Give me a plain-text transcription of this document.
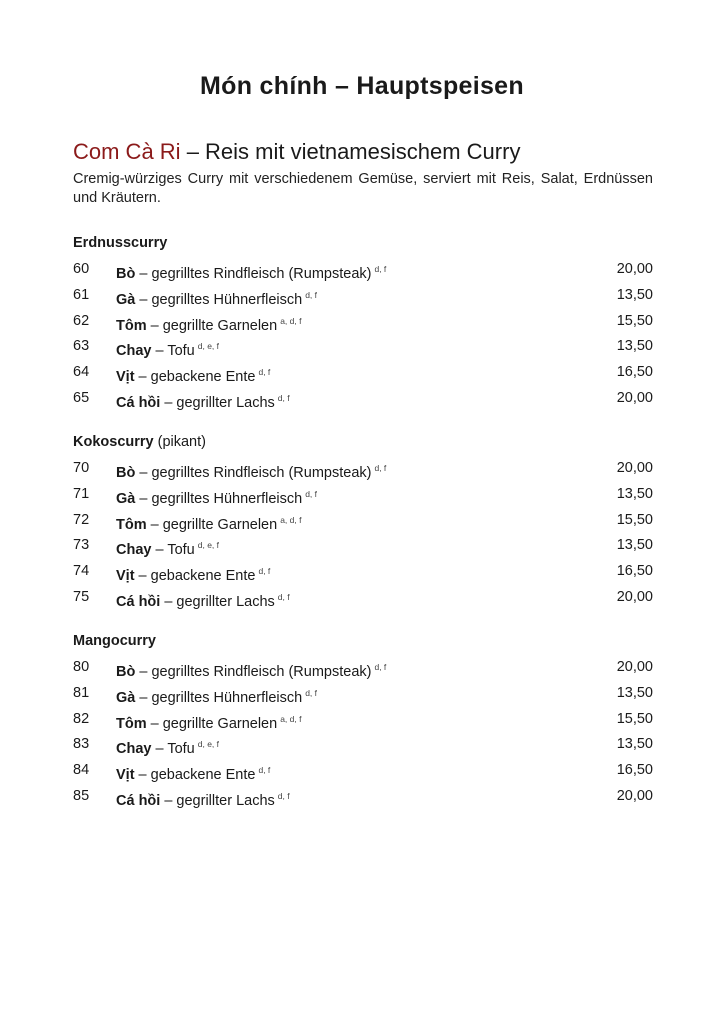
Món chính – Hauptspeisen
Com Cà Ri – Reis mit vietnamesischem Curry
Cremig-würziges Curry mit verschiedenem Gemüse, serviert mit Reis, Salat, Erdnüssen und Kräutern.
Erdnusscurry
60 Bò – gegrilltes Rindfleisch (Rumpsteak) $^{d, f}$	20,00
61 Gà – gegrilltes Hühnerfleisch $^{d, f}$	13,50
62 Tôm – gegrillte Garnelen $^{a, d, f}$	15,50
63 Chay – Tofu $^{d, e, f}$	13,50
64 Vịt – gebackene Ente $^{d, f}$	16,50
65 Cá hồi – gegrillter Lachs $^{d, f}$	20,00
Kokoscurry (pikant)
70 Bò – gegrilltes Rindfleisch (Rumpsteak) $^{d, f}$	20,00
71 Gà – gegrilltes Hühnerfleisch $^{d, f}$	13,50
72 Tôm – gegrillte Garnelen $^{a, d, f}$	15,50
73 Chay – Tofu $^{d, e, f}$	13,50
74 Vịt – gebackene Ente $^{d, f}$	16,50
75 Cá hồi – gegrillter Lachs $^{d, f}$	20,00
Mangocurry
80 Bò – gegrilltes Rindfleisch (Rumpsteak) $^{d, f}$	20,00
81 Gà – gegrilltes Hühnerfleisch $^{d, f}$	13,50
82 Tôm – gegrillte Garnelen $^{a, d, f}$	15,50
83 Chay – Tofu $^{d, e, f}$	13,50
84 Vịt – gebackene Ente $^{d, f}$	16,50
85 Cá hồi – gegrillter Lachs $^{d, f}$	20,00
